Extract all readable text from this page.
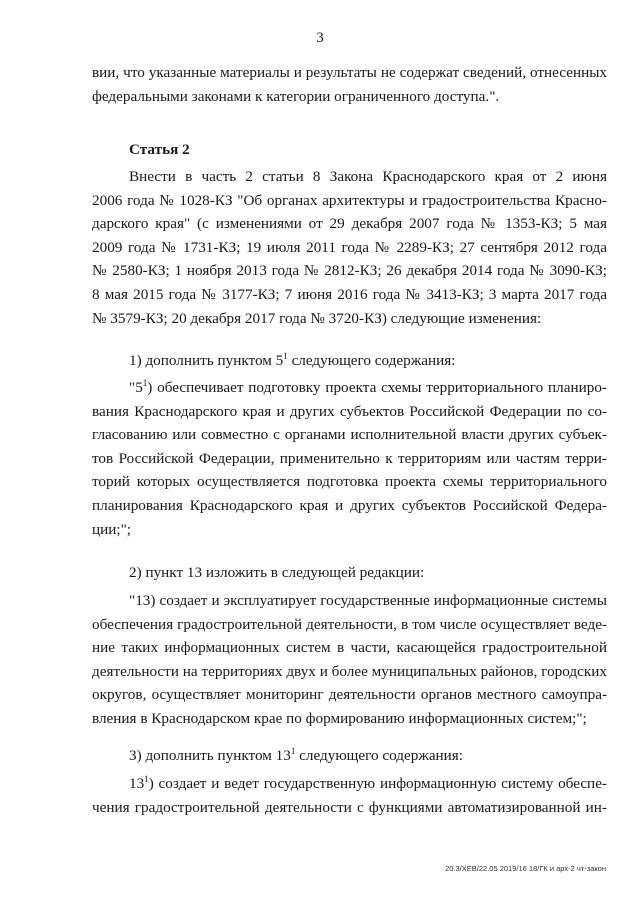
3
вии, что указанные материалы и результаты не содержат сведений, отнесенных
федеральными законами к категории ограниченного доступа.".
Статья 2
Внести в часть 2 статьи 8 Закона Краснодарского края от 2 июня
2006 года № 1028-КЗ "Об органах архитектуры и градостроительства Красно-
дарского края" (с изменениями от 29 декабря 2007 года № 1353-КЗ; 5 мая
2009 года № 1731-КЗ; 19 июля 2011 года № 2289-КЗ; 27 сентября 2012 года
№ 2580-КЗ; 1 ноября 2013 года № 2812-КЗ; 26 декабря 2014 года № 3090-КЗ;
8 мая 2015 года № 3177-КЗ; 7 июня 2016 года № 3413-КЗ; 3 марта 2017 года
№ 3579-КЗ; 20 декабря 2017 года № 3720-КЗ) следующие изменения:
1) дополнить пунктом $5^1$ следующего содержания:
"$5^1$) обеспечивает подготовку проекта схемы территориального планиро-
вания Краснодарского края и других субъектов Российской Федерации по со-
гласованию или совместно с органами исполнительной власти других субъек-
тов Российской Федерации, применительно к территориям или частям терри-
торий которых осуществляется подготовка проекта схемы территориального
планирования Краснодарского края и других субъектов Российской Федера-
ции;";
2) пункт 13 изложить в следующей редакции:
"13) создает и эксплуатирует государственные информационные системы
обеспечения градостроительной деятельности, в том числе осуществляет веде-
ние таких информационных систем в части, касающейся градостроительной
деятельности на территориях двух и более муниципальных районов, городских
округов, осуществляет мониторинг деятельности органов местного самоупра-
вления в Краснодарском крае по формированию информационных систем;";
3) дополнить пунктом $13^1$ следующего содержания:
$13^1$) создает и ведет государственную информационную систему обеспе-
чения градостроительной деятельности с функциями автоматизированной ин-
20.3/ХЕВ/22.05 2019/16 18/ГК и арх-2 чт-закон
